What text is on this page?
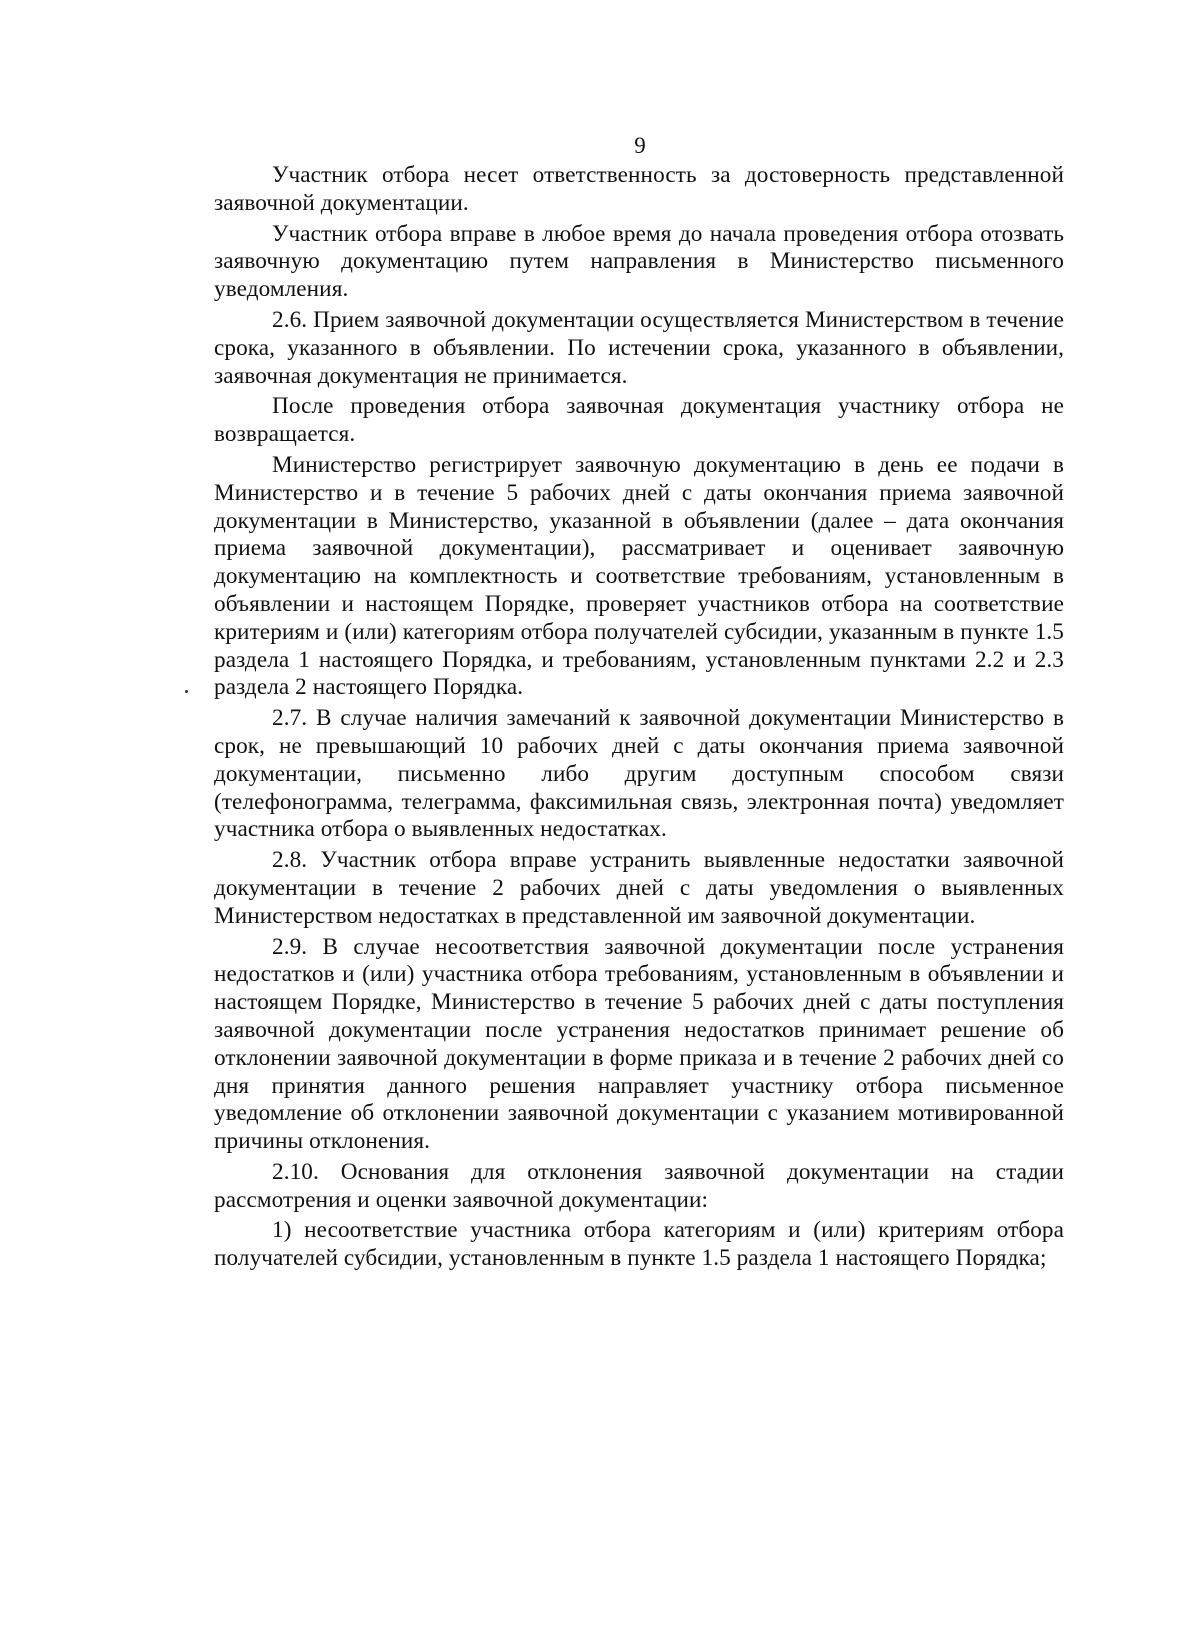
9

Участник отбора несет ответственность за достоверность представленной заявочной документации.

Участник отбора вправе в любое время до начала проведения отбора отозвать заявочную документацию путем направления в Министерство письменного уведомления.

2.6. Прием заявочной документации осуществляется Министерством в течение срока, указанного в объявлении. По истечении срока, указанного в объявлении, заявочная документация не принимается.

После проведения отбора заявочная документация участнику отбора не возвращается.

Министерство регистрирует заявочную документацию в день ее подачи в Министерство и в течение 5 рабочих дней с даты окончания приема заявочной документации в Министерство, указанной в объявлении (далее – дата окончания приема заявочной документации), рассматривает и оценивает заявочную документацию на комплектность и соответствие требованиям, установленным в объявлении и настоящем Порядке, проверяет участников отбора на соответствие критериям и (или) категориям отбора получателей субсидии, указанным в пункте 1.5 раздела 1 настоящего Порядка, и требованиям, установленным пунктами 2.2 и 2.3 раздела 2 настоящего Порядка.

2.7. В случае наличия замечаний к заявочной документации Министерство в срок, не превышающий 10 рабочих дней с даты окончания приема заявочной документации, письменно либо другим доступным способом связи (телефонограмма, телеграмма, факсимильная связь, электронная почта) уведомляет участника отбора о выявленных недостатках.

2.8. Участник отбора вправе устранить выявленные недостатки заявочной документации в течение 2 рабочих дней с даты уведомления о выявленных Министерством недостатках в представленной им заявочной документации.

2.9. В случае несоответствия заявочной документации после устранения недостатков и (или) участника отбора требованиям, установленным в объявлении и настоящем Порядке, Министерство в течение 5 рабочих дней с даты поступления заявочной документации после устранения недостатков принимает решение об отклонении заявочной документации в форме приказа и в течение 2 рабочих дней со дня принятия данного решения направляет участнику отбора письменное уведомление об отклонении заявочной документации с указанием мотивированной причины отклонения.

2.10. Основания для отклонения заявочной документации на стадии рассмотрения и оценки заявочной документации:

1) несоответствие участника отбора категориям и (или) критериям отбора получателей субсидии, установленным в пункте 1.5 раздела 1 настоящего Порядка;
